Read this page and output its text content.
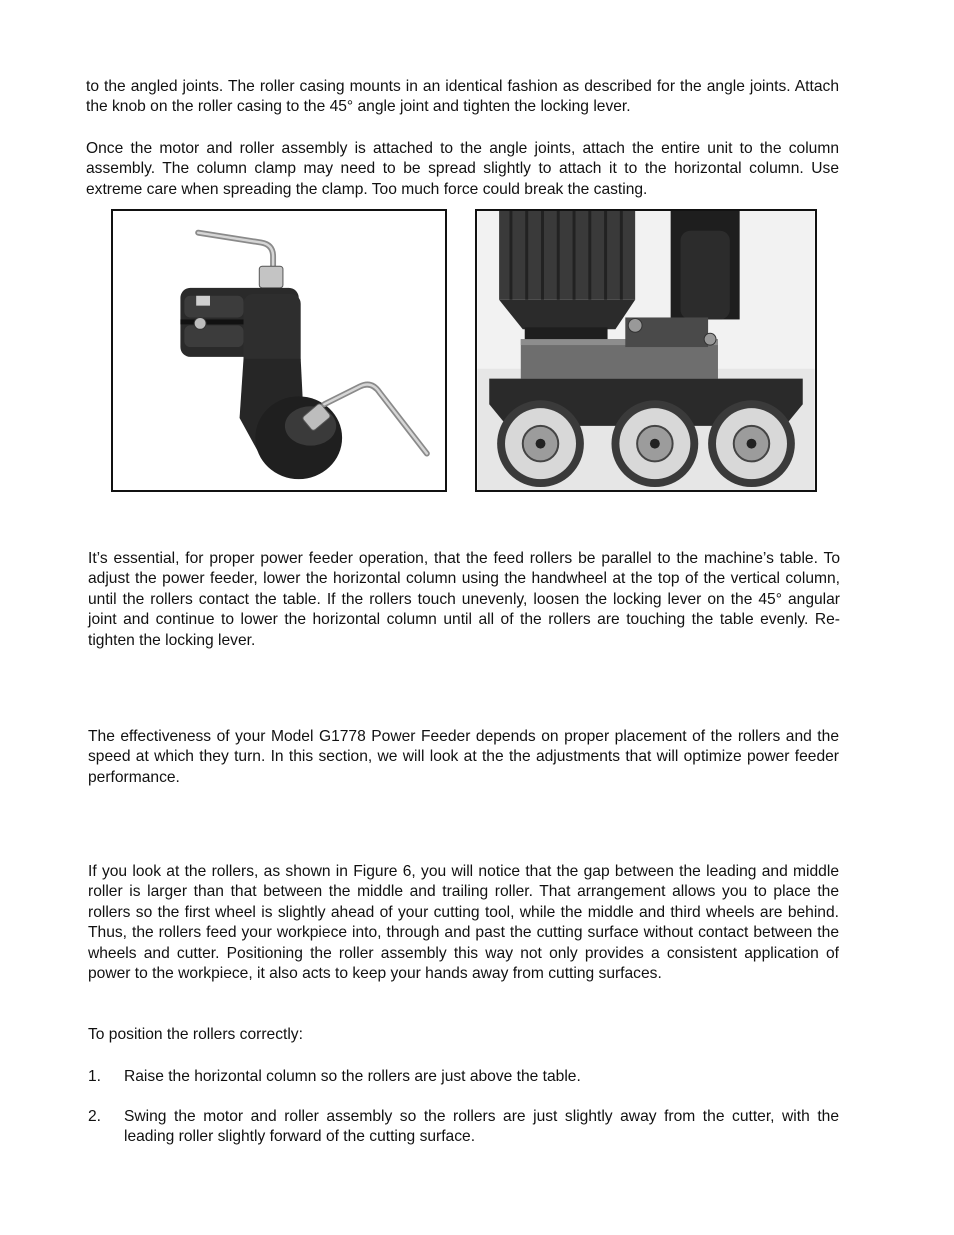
to the angled joints. The roller casing mounts in an identical fashion as described for the angle joints. Attach the knob on the roller casing to the 45° angle joint and tighten the locking lever.

Once the motor and roller assembly is attached to the angle joints, attach the entire unit to the column assembly. The column clamp may need to be spread slightly to attach it to the horizontal column. Use extreme care when spreading the clamp. Too much force could break the casting.

It’s essential, for proper power feeder operation, that the feed rollers be parallel to the machine’s table. To adjust the power feeder, lower the horizontal column using the handwheel at the top of the vertical column, until the rollers contact the table. If the rollers touch unevenly, loosen the locking lever on the 45° angular joint and continue to lower the horizontal column until all of the rollers are touching the table evenly. Re-tighten the locking lever.

The effectiveness of your Model G1778 Power Feeder depends on proper placement of the rollers and the speed at which they turn. In this section, we will look at the the adjustments that will optimize power feeder performance.

If you look at the rollers, as shown in Figure 6, you will notice that the gap between the leading and middle roller is larger than that between the middle and trailing roller. That arrangement allows you to place the rollers so the first wheel is slightly ahead of your cutting tool, while the middle and third wheels are behind. Thus, the rollers feed your workpiece into, through and past the cutting surface without contact between the wheels and cutter. Positioning the roller assembly this way not only provides a consistent application of power to the workpiece, it also acts to keep your hands away from cutting surfaces.

To position the rollers correctly:

1. Raise the horizontal column so the rollers are just above the table.
2. Swing the motor and roller assembly so the rollers are just slightly away from the cutter, with the leading roller slightly forward of the cutting surface.
